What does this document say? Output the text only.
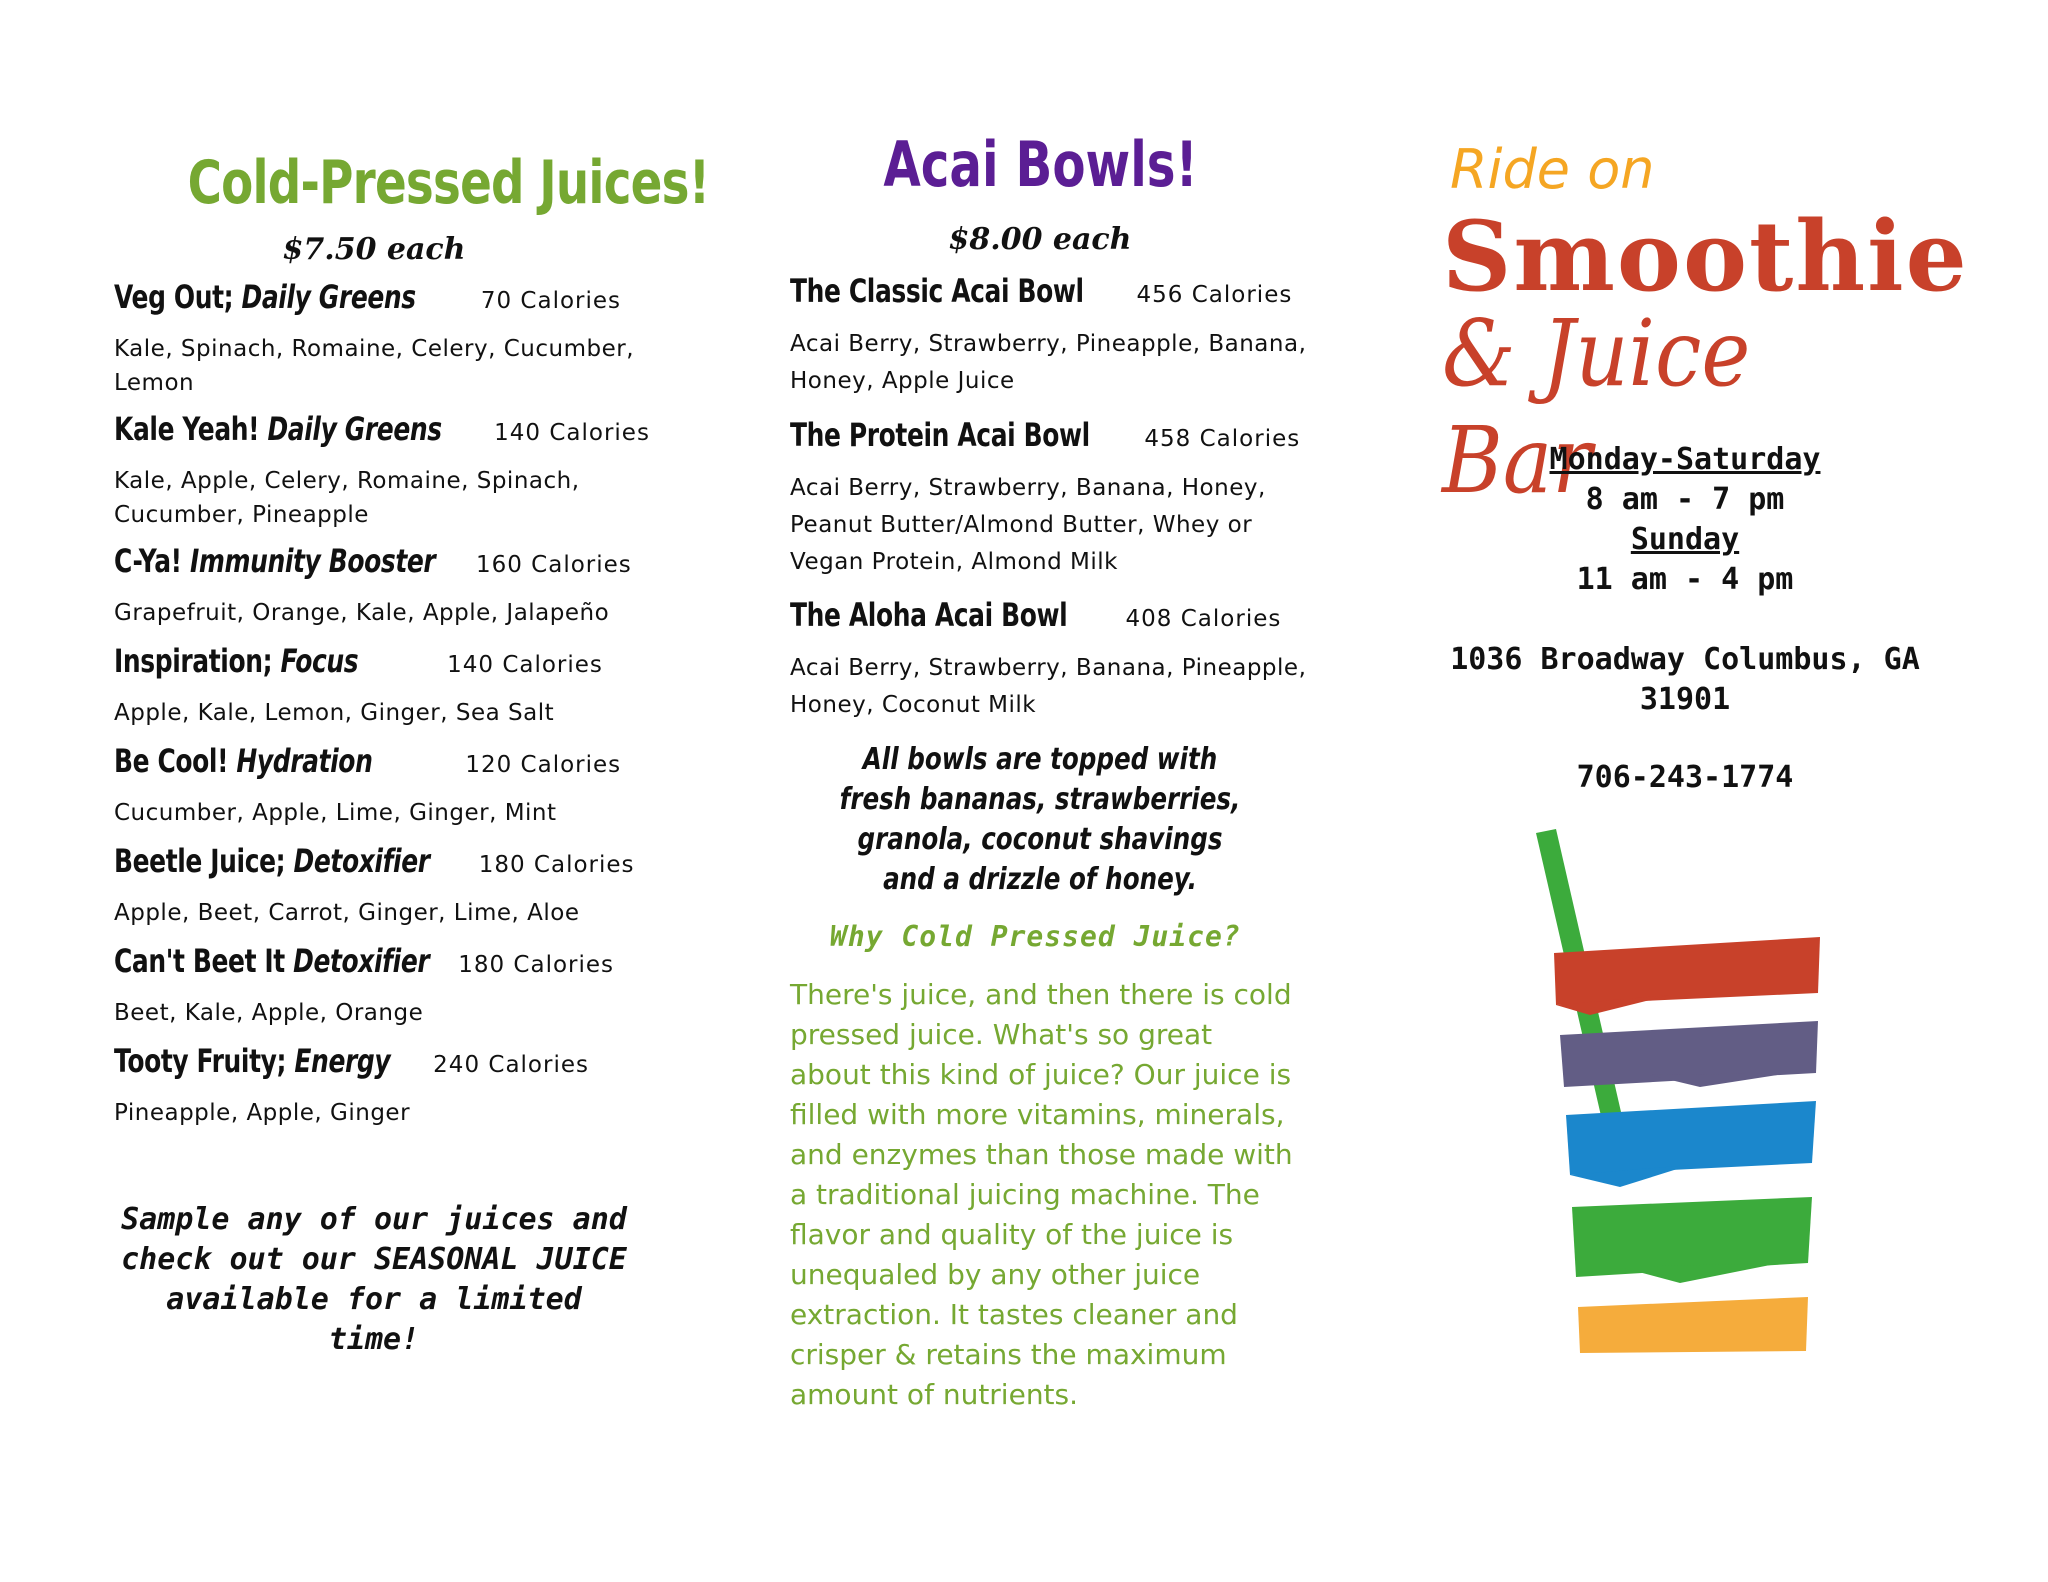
Cold-Pressed Juices!
$7.50 each
Veg Out; Daily Greens	70 Calories
Kale, Spinach, Romaine, Celery, Cucumber, Lemon
Kale Yeah! Daily Greens 140 Calories
Kale, Apple, Celery, Romaine, Spinach, Cucumber, Pineapple
C-Ya! Immunity Booster 160 Calories
Grapefruit, Orange, Kale, Apple, Jalapeño
Inspiration; Focus	140 Calories
Apple, Kale, Lemon, Ginger, Sea Salt
Be Cool! Hydration	120 Calories
Cucumber, Apple, Lime, Ginger, Mint
Beetle Juice; Detoxifier 180 Calories
Apple, Beet, Carrot, Ginger, Lime, Aloe
Can't Beet It Detoxifier 180 Calories
Beet, Kale, Apple, Orange
Tooty Fruity; Energy 240 Calories
Pineapple, Apple, Ginger
Sample any of our juices and check out our SEASONAL JUICE available for a limited time!
Acai Bowls!
$8.00 each
The Classic Acai Bowl 456 Calories
Acai Berry, Strawberry, Pineapple, Banana, Honey, Apple Juice
The Protein Acai Bowl 458 Calories
Acai Berry, Strawberry, Banana, Honey, Peanut Butter/Almond Butter, Whey or Vegan Protein, Almond Milk
The Aloha Acai Bowl	408 Calories
Acai Berry, Strawberry, Banana, Pineapple, Honey, Coconut Milk
All bowls are topped with fresh bananas, strawberries, granola, coconut shavings and a drizzle of honey.
Why Cold Pressed Juice?
There's juice, and then there is cold pressed juice. What's so great about this kind of juice? Our juice is filled with more vitamins, minerals, and enzymes than those made with a traditional juicing machine. The flavor and quality of the juice is unequaled by any other juice extraction. It tastes cleaner and crisper & retains the maximum amount of nutrients.
Ride on
Smoothie
& Juice Bar
Monday-Saturday
8 am - 7 pm
Sunday
11 am - 4 pm
1036 Broadway Columbus, GA
31901
706-243-1774
